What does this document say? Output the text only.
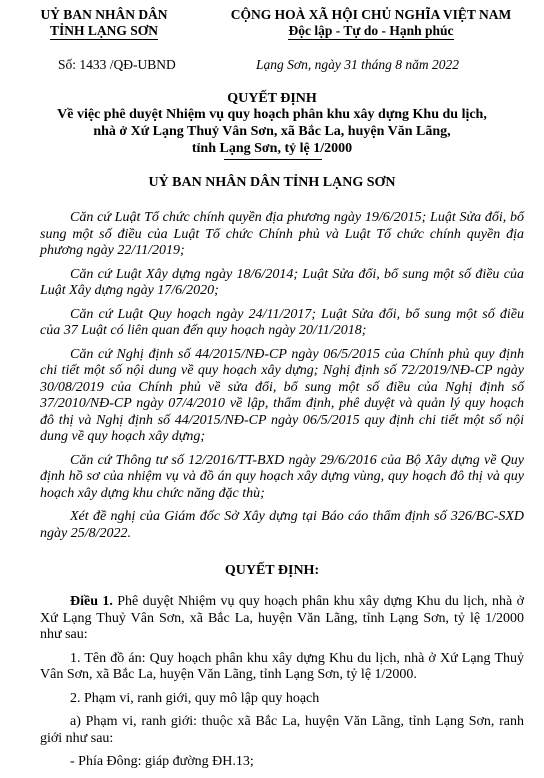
UỶ BAN NHÂN DÂN
TỈNH LẠNG SƠN
CỘNG HOÀ XÃ HỘI CHỦ NGHĨA VIỆT NAM
Độc lập - Tự do - Hạnh phúc
Số: 1433 /QĐ-UBND	Lạng Sơn, ngày 31 tháng 8 năm 2022
QUYẾT ĐỊNH
Về việc phê duyệt Nhiệm vụ quy hoạch phân khu xây dựng Khu du lịch,
nhà ở Xứ Lạng Thuỷ Vân Sơn, xã Bắc La, huyện Văn Lãng,
tỉnh Lạng Sơn, tỷ lệ 1/2000
UỶ BAN NHÂN DÂN TỈNH LẠNG SƠN

Căn cứ Luật Tổ chức chính quyền địa phương ngày 19/6/2015; Luật Sửa đổi, bổ sung một số điều của Luật Tổ chức Chính phủ và Luật Tổ chức chính quyền địa phương ngày 22/11/2019;

Căn cứ Luật Xây dựng ngày 18/6/2014; Luật Sửa đổi, bổ sung một số điều của Luật Xây dựng ngày 17/6/2020;

Căn cứ Luật Quy hoạch ngày 24/11/2017; Luật Sửa đổi, bổ sung một số điều của 37 Luật có liên quan đến quy hoạch ngày 20/11/2018;

Căn cứ Nghị định số 44/2015/NĐ-CP ngày 06/5/2015 của Chính phủ quy định chi tiết một số nội dung về quy hoạch xây dựng; Nghị định số 72/2019/NĐ-CP ngày 30/08/2019 của Chính phủ về sửa đổi, bổ sung một số điều của Nghị định số 37/2010/NĐ-CP ngày 07/4/2010 về lập, thẩm định, phê duyệt và quản lý quy hoạch đô thị và Nghị định số 44/2015/NĐ-CP ngày 06/5/2015 quy định chi tiết một số nội dung về quy hoạch xây dựng;

Căn cứ Thông tư số 12/2016/TT-BXD ngày 29/6/2016 của Bộ Xây dựng về Quy định hồ sơ của nhiệm vụ và đồ án quy hoạch xây dựng vùng, quy hoạch đô thị và quy hoạch xây dựng khu chức năng đặc thù;

Xét đề nghị của Giám đốc Sở Xây dựng tại Báo cáo thẩm định số 326/BC-SXD ngày 25/8/2022.

QUYẾT ĐỊNH:

Điều 1. Phê duyệt Nhiệm vụ quy hoạch phân khu xây dựng Khu du lịch, nhà ở Xứ Lạng Thuỷ Vân Sơn, xã Bắc La, huyện Văn Lãng, tỉnh Lạng Sơn, tỷ lệ 1/2000 như sau:

1. Tên đồ án: Quy hoạch phân khu xây dựng Khu du lịch, nhà ở Xứ Lạng Thuỷ Vân Sơn, xã Bắc La, huyện Văn Lãng, tỉnh Lạng Sơn, tỷ lệ 1/2000.

2. Phạm vi, ranh giới, quy mô lập quy hoạch

a) Phạm vi, ranh giới: thuộc xã Bắc La, huyện Văn Lãng, tỉnh Lạng Sơn, ranh giới như sau:

- Phía Đông: giáp đường ĐH.13;
